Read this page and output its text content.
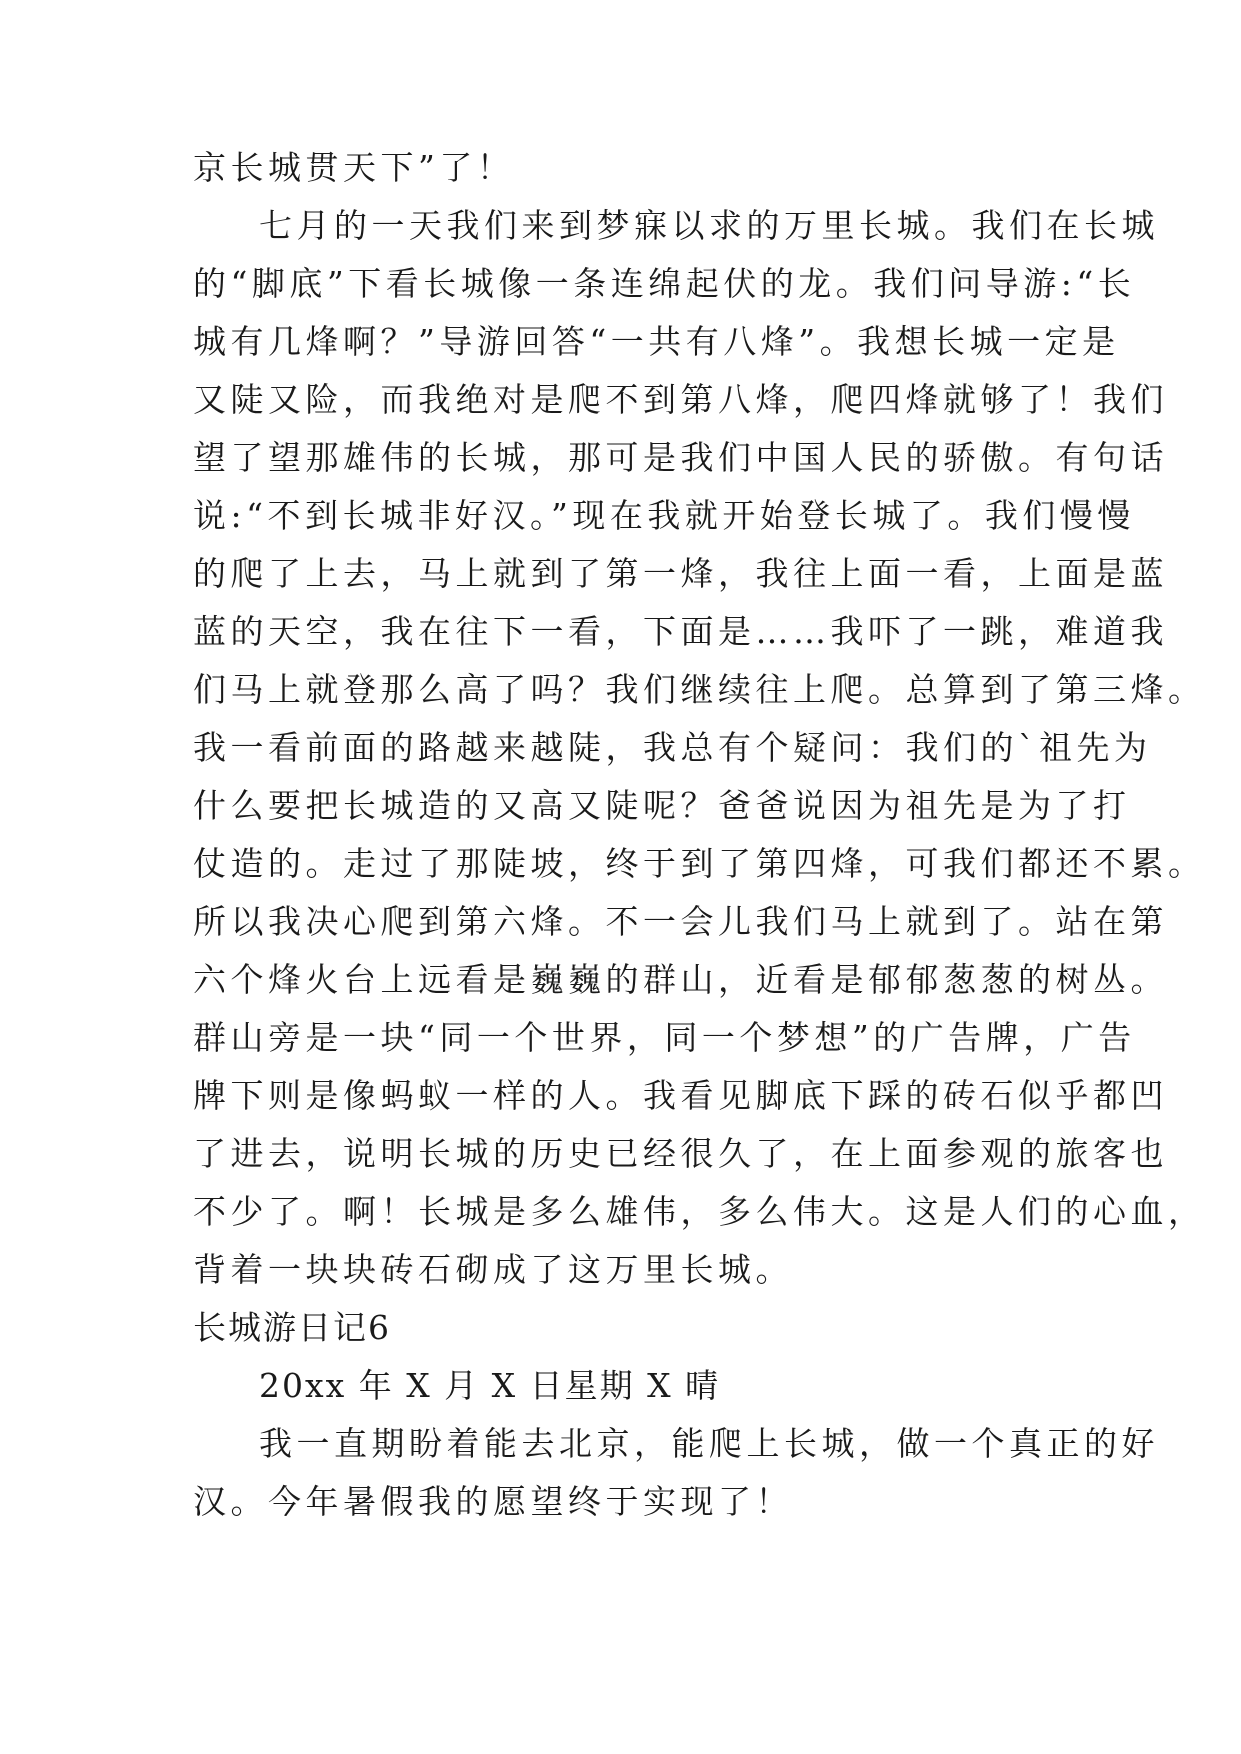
京长城贯天下”了！
七月的一天我们来到梦寐以求的万里长城。我们在长城
的“脚底”下看长城像一条连绵起伏的龙。我们问导游:“长
城有几烽啊？”导游回答“一共有八烽”。我想长城一定是
又陡又险，而我绝对是爬不到第八烽，爬四烽就够了！我们
望了望那雄伟的长城，那可是我们中国人民的骄傲。有句话
说:“不到长城非好汉。”现在我就开始登长城了。我们慢慢
的爬了上去，马上就到了第一烽，我往上面一看，上面是蓝
蓝的天空，我在往下一看，下面是……我吓了一跳，难道我
们马上就登那么高了吗？我们继续往上爬。总算到了第三烽。
我一看前面的路越来越陡，我总有个疑问：我们的`祖先为
什么要把长城造的又高又陡呢？爸爸说因为祖先是为了打
仗造的。走过了那陡坡，终于到了第四烽，可我们都还不累。
所以我决心爬到第六烽。不一会儿我们马上就到了。站在第
六个烽火台上远看是巍巍的群山，近看是郁郁葱葱的树丛。
群山旁是一块“同一个世界，同一个梦想”的广告牌，广告
牌下则是像蚂蚁一样的人。我看见脚底下踩的砖石似乎都凹
了进去，说明长城的历史已经很久了，在上面参观的旅客也
不少了。啊！长城是多么雄伟，多么伟大。这是人们的心血，
背着一块块砖石砌成了这万里长城。
长城游日记6
20xx 年 X 月 X 日星期 X 晴
我一直期盼着能去北京，能爬上长城，做一个真正的好
汉。今年暑假我的愿望终于实现了！
